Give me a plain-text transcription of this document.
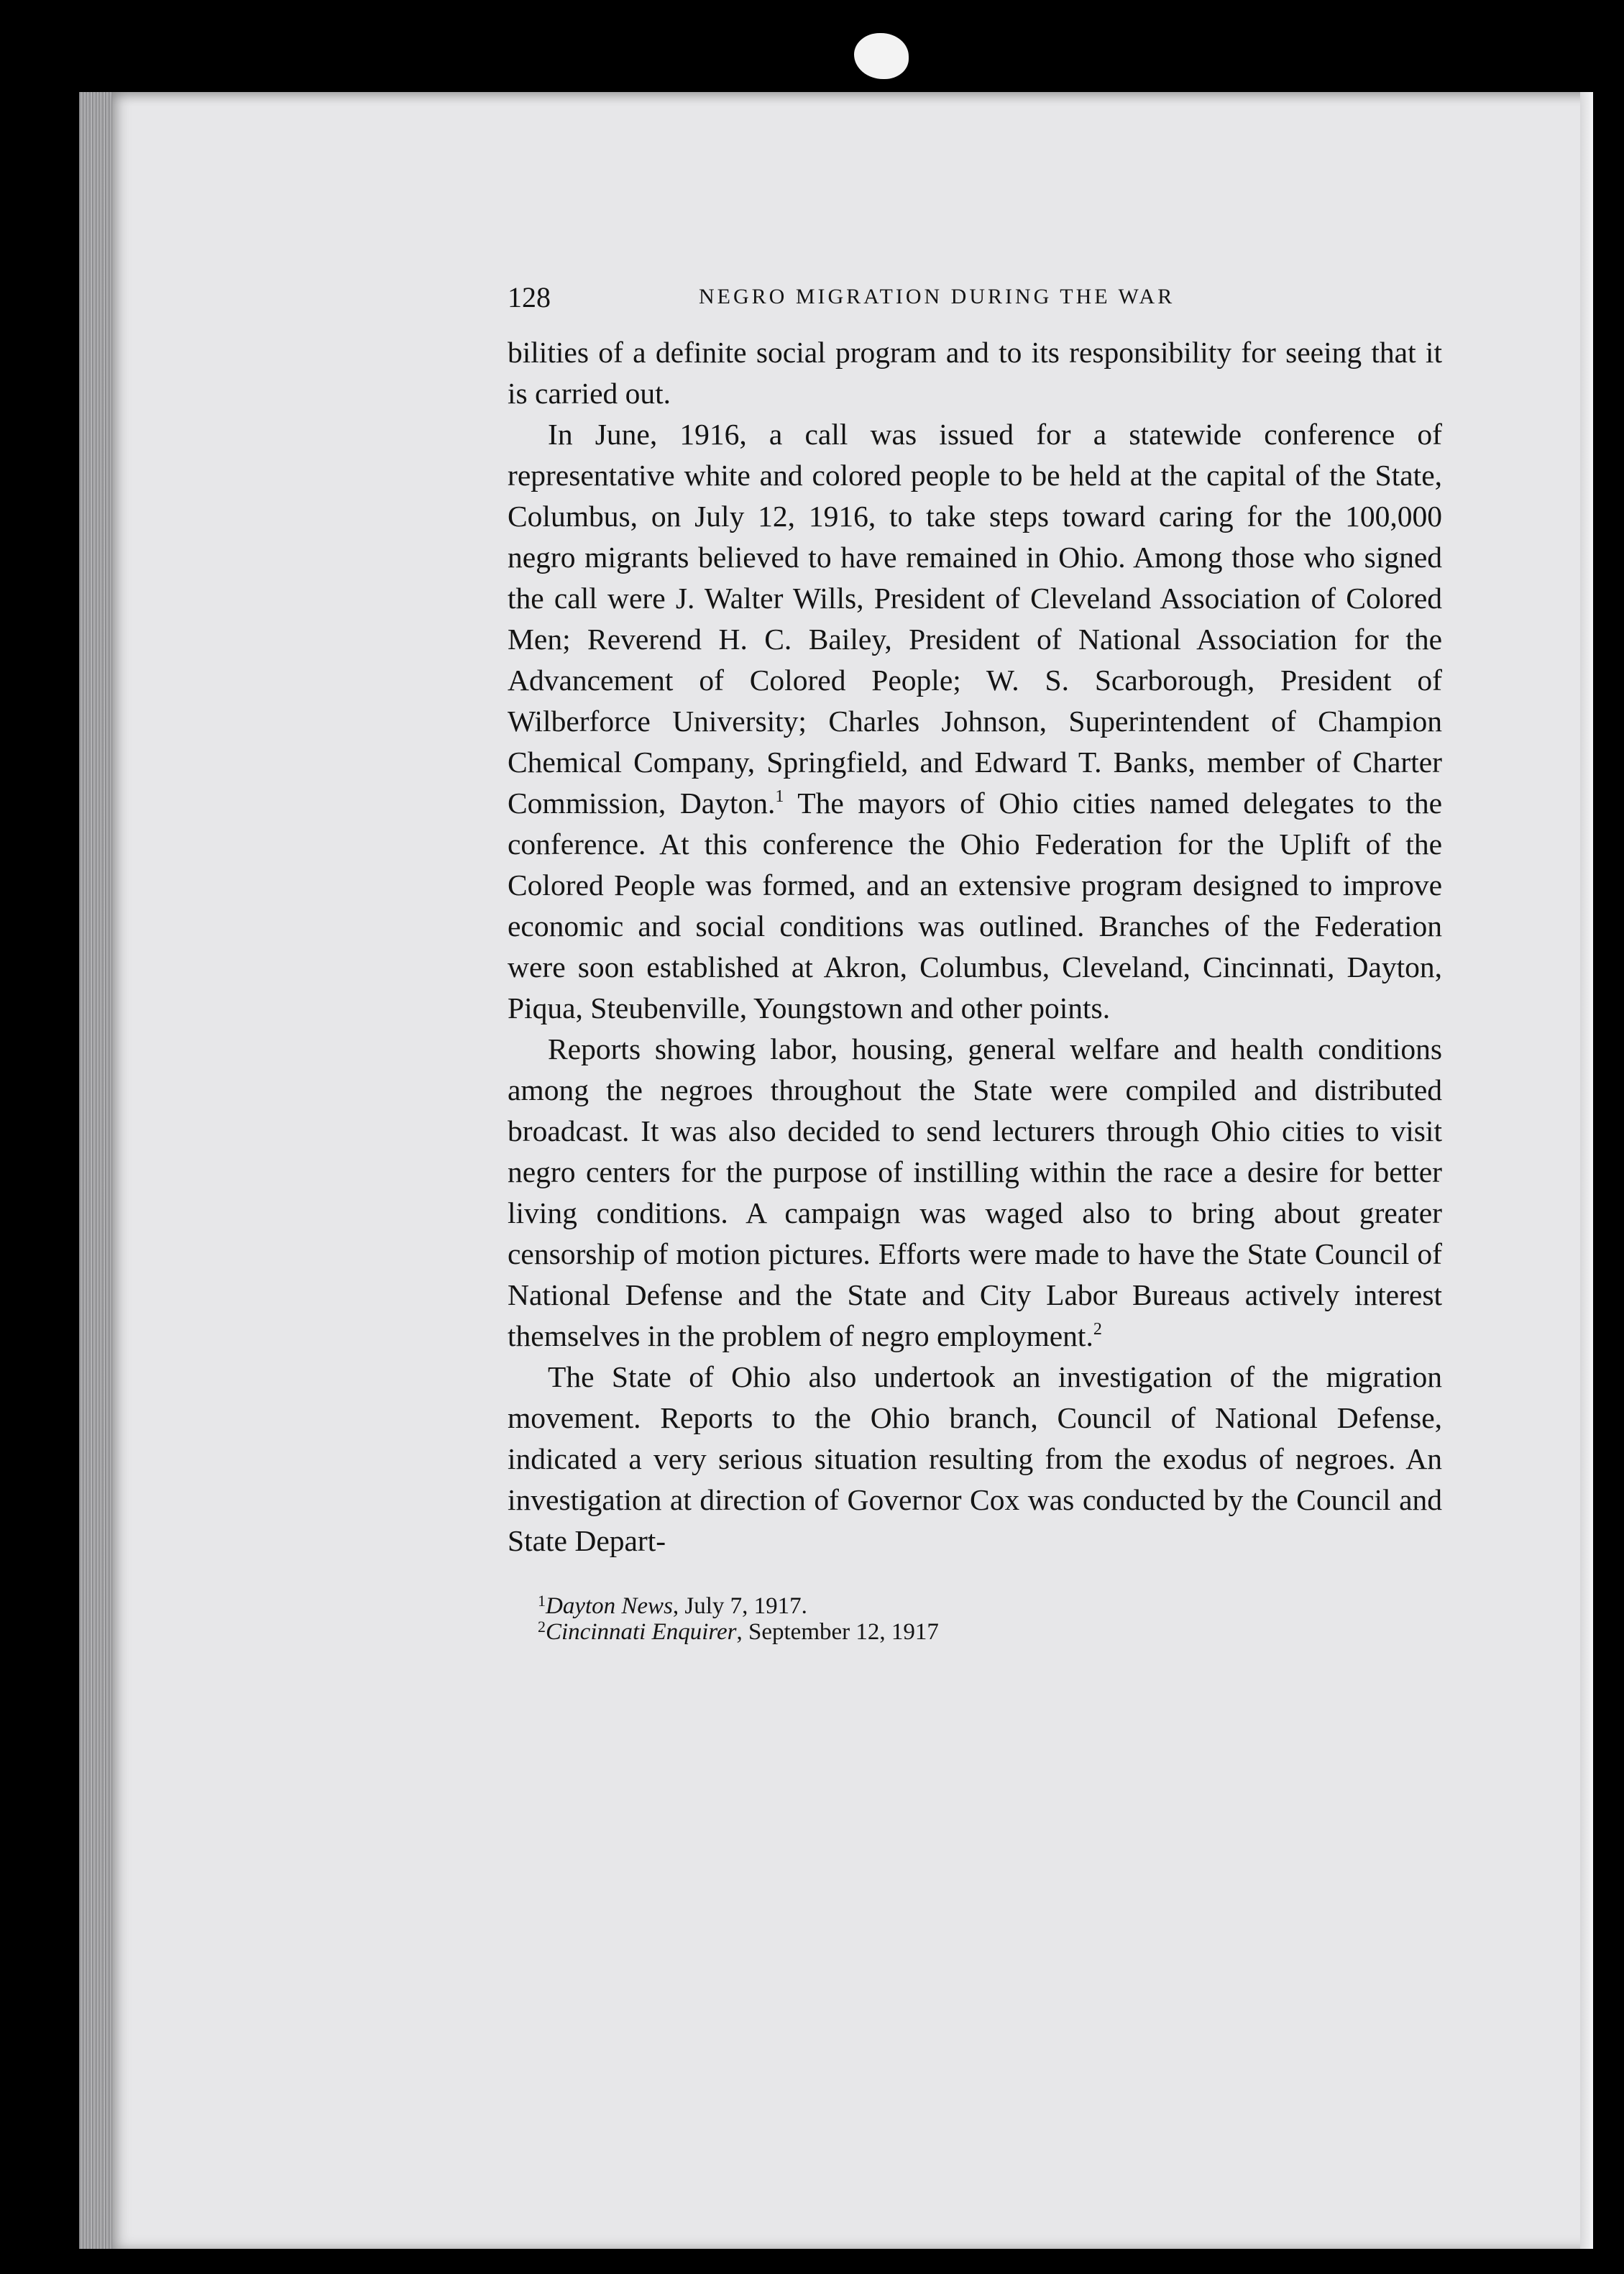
128	NEGRO MIGRATION DURING THE WAR

bilities of a definite social program and to its responsibility for seeing that it is carried out.

In June, 1916, a call was issued for a statewide conference of representative white and colored people to be held at the capital of the State, Columbus, on July 12, 1916, to take steps toward caring for the 100,000 negro migrants believed to have remained in Ohio. Among those who signed the call were J. Walter Wills, President of Cleveland Association of Colored Men; Reverend H. C. Bailey, President of National Association for the Advancement of Colored People; W. S. Scarborough, President of Wilberforce University; Charles Johnson, Superintendent of Champion Chemical Company, Springfield, and Edward T. Banks, member of Charter Commission, Dayton.$^1$ The mayors of Ohio cities named delegates to the conference. At this conference the Ohio Federation for the Uplift of the Colored People was formed, and an extensive program designed to improve economic and social conditions was outlined. Branches of the Federation were soon established at Akron, Columbus, Cleveland, Cincinnati, Dayton, Piqua, Steubenville, Youngstown and other points.

Reports showing labor, housing, general welfare and health conditions among the negroes throughout the State were compiled and distributed broadcast. It was also decided to send lecturers through Ohio cities to visit negro centers for the purpose of instilling within the race a desire for better living conditions. A campaign was waged also to bring about greater censorship of motion pictures. Efforts were made to have the State Council of National Defense and the State and City Labor Bureaus actively interest themselves in the problem of negro employment.$^2$

The State of Ohio also undertook an investigation of the migration movement. Reports to the Ohio branch, Council of National Defense, indicated a very serious situation resulting from the exodus of negroes. An investigation at direction of Governor Cox was conducted by the Council and State Depart-

$^1$Dayton News, July 7, 1917.
$^2$Cincinnati Enquirer, September 12, 1917
